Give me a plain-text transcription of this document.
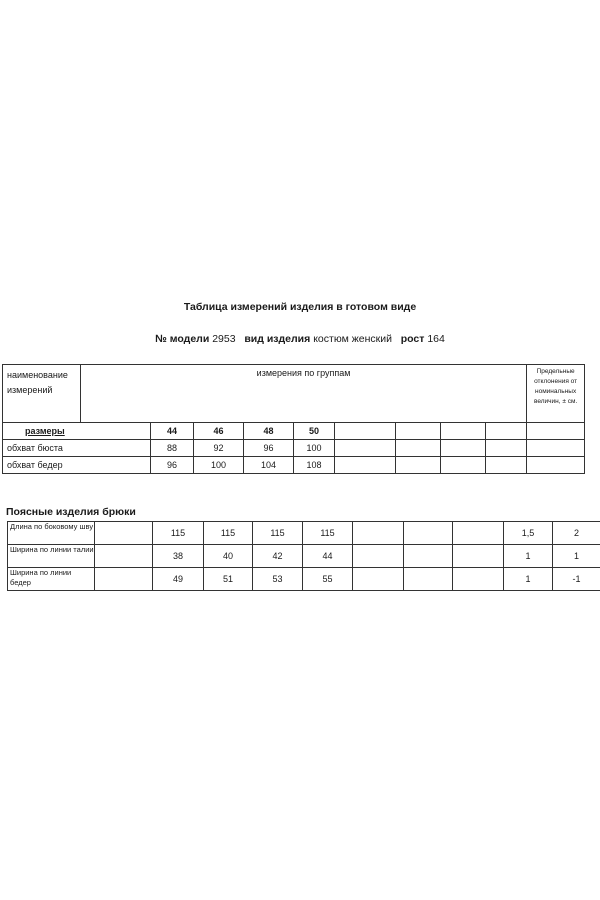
Таблица измерений изделия в готовом виде
№ модели 2953 вид изделия костюм женский рост 164
наименование измерений	измерения по группам									Предельные отклонения от номинальных величин, ± см.
размеры		44	46	48	50					
обхват бюста		88	92	96	100					
обхват бедер		96	100	104	108					
Поясные изделия брюки
Длина по боковому шву		115	115	115	115				1,5	2
Ширина по линии талии		38	40	42	44				1	1
Ширина по линии бедер		49	51	53	55				1	-1
